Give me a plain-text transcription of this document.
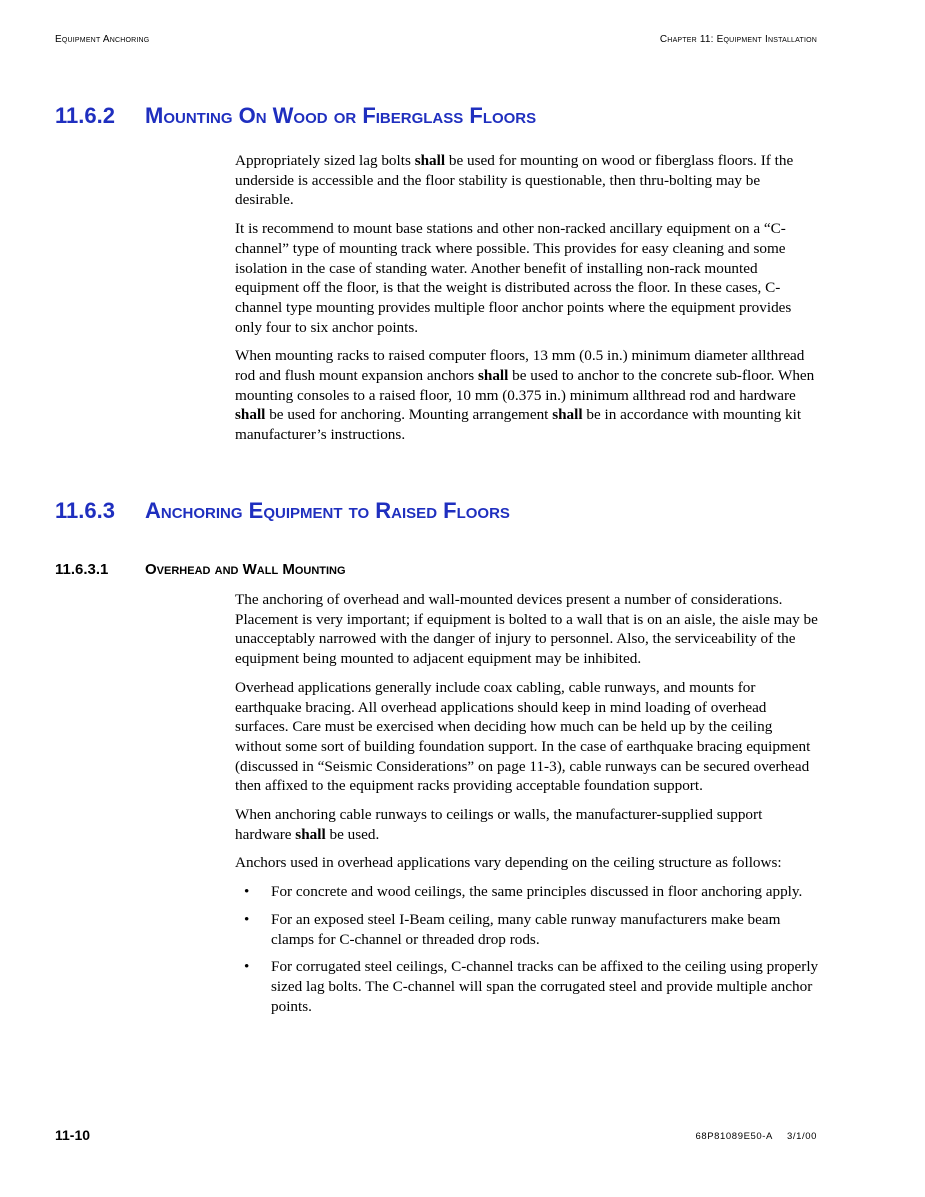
Equipment Anchoring	Chapter 11: Equipment Installation
11.6.2 Mounting On Wood or Fiberglass Floors

Appropriately sized lag bolts shall be used for mounting on wood or fiberglass floors. If the underside is accessible and the floor stability is questionable, then thru-bolting may be desirable.

It is recommend to mount base stations and other non-racked ancillary equipment on a “C-channel” type of mounting track where possible. This provides for easy cleaning and some isolation in the case of standing water. Another benefit of installing non-rack mounted equipment off the floor, is that the weight is distributed across the floor. In these cases, C-channel type mounting provides multiple floor anchor points where the equipment provides only four to six anchor points.

When mounting racks to raised computer floors, 13 mm (0.5 in.) minimum diameter allthread rod and flush mount expansion anchors shall be used to anchor to the concrete sub-floor. When mounting consoles to a raised floor, 10 mm (0.375 in.) minimum allthread rod and hardware shall be used for anchoring. Mounting arrangement shall be in accordance with mounting kit manufacturer’s instructions.

11.6.3 Anchoring Equipment to Raised Floors
11.6.3.1 Overhead and Wall Mounting

The anchoring of overhead and wall-mounted devices present a number of considerations. Placement is very important; if equipment is bolted to a wall that is on an aisle, the aisle may be unacceptably narrowed with the danger of injury to personnel. Also, the serviceability of the equipment being mounted to adjacent equipment may be inhibited.

Overhead applications generally include coax cabling, cable runways, and mounts for earthquake bracing. All overhead applications should keep in mind loading of overhead surfaces. Care must be exercised when deciding how much can be held up by the ceiling without some sort of building foundation support. In the case of earthquake bracing equipment (discussed in “Seismic Considerations” on page 11-3), cable runways can be secured overhead then affixed to the equipment racks providing acceptable foundation support.

When anchoring cable runways to ceilings or walls, the manufacturer-supplied support hardware shall be used.

Anchors used in overhead applications vary depending on the ceiling structure as follows:

• For concrete and wood ceilings, the same principles discussed in floor anchoring apply.
• For an exposed steel I-Beam ceiling, many cable runway manufacturers make beam clamps for C-channel or threaded drop rods.
• For corrugated steel ceilings, C-channel tracks can be affixed to the ceiling using properly sized lag bolts. The C-channel will span the corrugated steel and provide multiple anchor points.
11-10	68P81089E50-A 3/1/00
